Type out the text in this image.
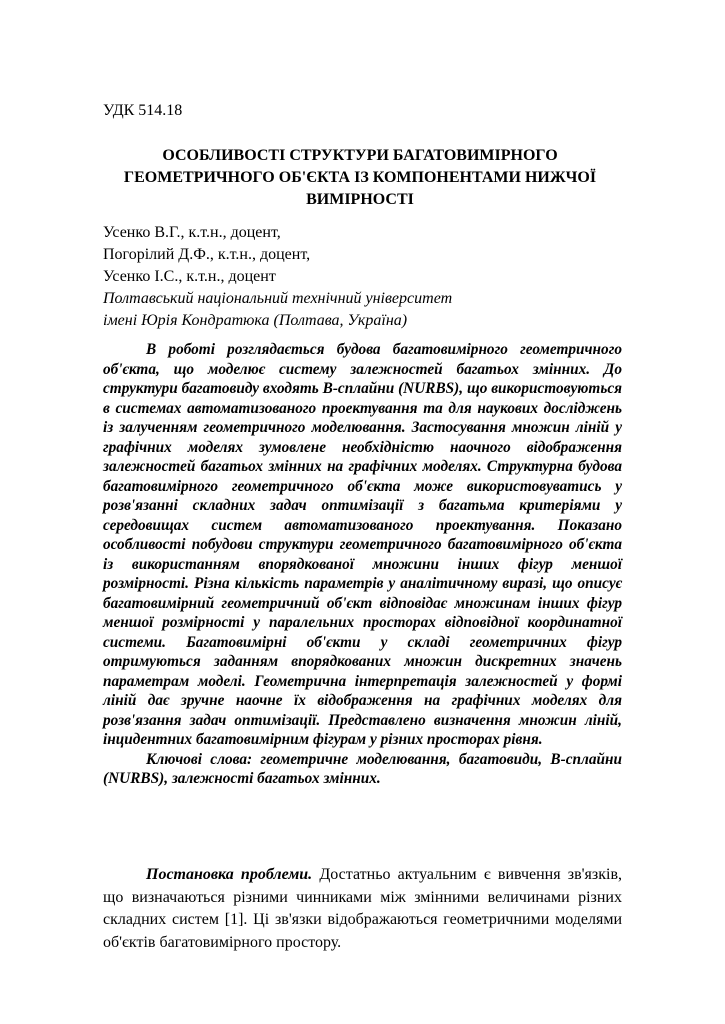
УДК 514.18
ОСОБЛИВОСТІ СТРУКТУРИ БАГАТОВИМІРНОГО
ГЕОМЕТРИЧНОГО ОБ'ЄКТА ІЗ КОМПОНЕНТАМИ НИЖЧОЇ
ВИМІРНОСТІ
Усенко В.Г., к.т.н., доцент,
Погорілий Д.Ф., к.т.н., доцент,
Усенко І.С., к.т.н., доцент
Полтавський національний технічний університет
імені Юрія Кондратюка (Полтава, Україна)

В роботі розглядається будова багатовимірного геометричного об'єкта, що моделює систему залежностей багатьох змінних. До структури багатовиду входять В-сплайни (NURBS), що використовуються в системах автоматизованого проектування та для наукових досліджень із залученням геометричного моделювання. Застосування множин ліній у графічних моделях зумовлене необхідністю наочного відображення залежностей багатьох змінних на графічних моделях. Структурна будова багатовимірного геометричного об'єкта може використовуватись у розв'язанні складних задач оптимізації з багатьма критеріями у середовищах систем автоматизованого проектування. Показано особливості побудови структури геометричного багатовимірного об'єкта із використанням впорядкованої множини інших фігур меншої розмірності. Різна кількість параметрів у аналітичному виразі, що описує багатовимірний геометричний об'єкт відповідає множинам інших фігур меншої розмірності у паралельних просторах відповідної координатної системи. Багатовимірні об'єкти у складі геометричних фігур отримуються заданням впорядкованих множин дискретних значень параметрам моделі. Геометрична інтерпретація залежностей у формі ліній дає зручне наочне їх відображення на графічних моделях для розв'язання задач оптимізації. Представлено визначення множин ліній, інцидентних багатовимірним фігурам у різних просторах рівня.

Ключові слова: геометричне моделювання, багатовиди, В-сплайни (NURBS), залежності багатьох змінних.

Постановка проблеми. Достатньо актуальним є вивчення зв'язків, що визначаються різними чинниками між змінними величинами різних складних систем [1]. Ці зв'язки відображаються геометричними моделями об'єктів багатовимірного простору.
